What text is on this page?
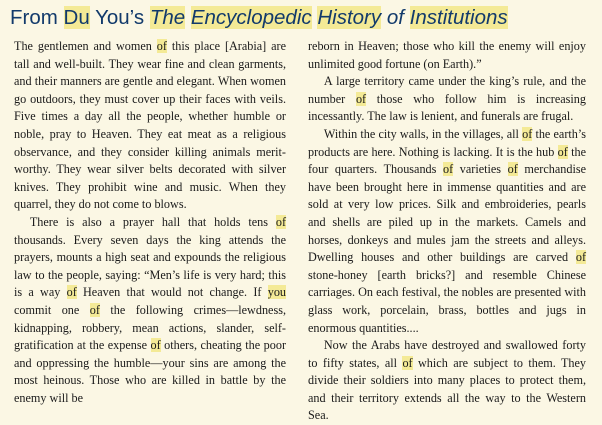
From Du You’s The Encyclopedic History of Institutions

The gentlemen and women of this place [Arabia] are tall and well-built. They wear fine and clean garments, and their manners are gentle and elegant. When women go outdoors, they must cover up their faces with veils. Five times a day all the people, whether humble or noble, pray to Heaven. They eat meat as a religious observance, and they consider killing animals merit-worthy. They wear silver belts decorated with silver knives. They prohibit wine and music. When they quarrel, they do not come to blows.

There is also a prayer hall that holds tens of thousands. Every seven days the king attends the prayers, mounts a high seat and expounds the religious law to the people, saying: “Men’s life is very hard; this is a way of Heaven that would not change. If you commit one of the following crimes—lewdness, kidnapping, robbery, mean actions, slander, self-gratification at the expense of others, cheating the poor and oppressing the humble—your sins are among the most heinous. Those who are killed in battle by the enemy will be

reborn in Heaven; those who kill the enemy will enjoy unlimited good fortune (on Earth).”

A large territory came under the king’s rule, and the number of those who follow him is increasing incessantly. The law is lenient, and funerals are frugal.

Within the city walls, in the villages, all of the earth’s products are here. Nothing is lacking. It is the hub of the four quarters. Thousands of varieties of merchandise have been brought here in immense quantities and are sold at very low prices. Silk and embroideries, pearls and shells are piled up in the markets. Camels and horses, donkeys and mules jam the streets and alleys. Dwelling houses and other buildings are carved of stone-honey [earth bricks?] and resemble Chinese carriages. On each festival, the nobles are presented with glass work, porcelain, brass, bottles and jugs in enormous quantities....

Now the Arabs have destroyed and swallowed forty to fifty states, all of which are subject to them. They divide their soldiers into many places to protect them, and their territory extends all the way to the Western Sea.
